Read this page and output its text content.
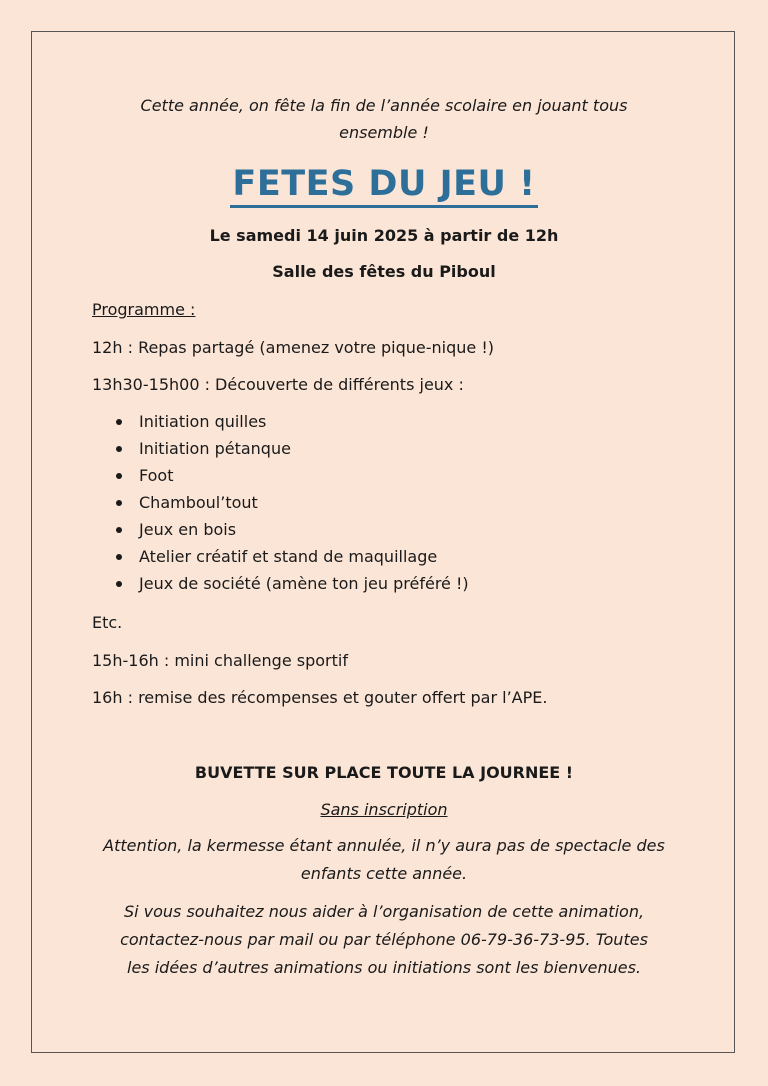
Cette année, on fête la fin de l’année scolaire en jouant tous
ensemble !

FETES DU JEU !

Le samedi 14 juin 2025 à partir de 12h

Salle des fêtes du Piboul

Programme :

12h : Repas partagé (amenez votre pique-nique !)

13h30-15h00 : Découverte de différents jeux :

Initiation quilles
Initiation pétanque
Foot
Chamboul’tout
Jeux en bois
Atelier créatif et stand de maquillage
Jeux de société (amène ton jeu préféré !)

Etc.

15h-16h : mini challenge sportif

16h : remise des récompenses et gouter offert par l’APE.

BUVETTE SUR PLACE TOUTE LA JOURNEE !

Sans inscription

Attention, la kermesse étant annulée, il n’y aura pas de spectacle des
enfants cette année.

Si vous souhaitez nous aider à l’organisation de cette animation,
contactez-nous par mail ou par téléphone 06-79-36-73-95. Toutes
les idées d’autres animations ou initiations sont les bienvenues.
